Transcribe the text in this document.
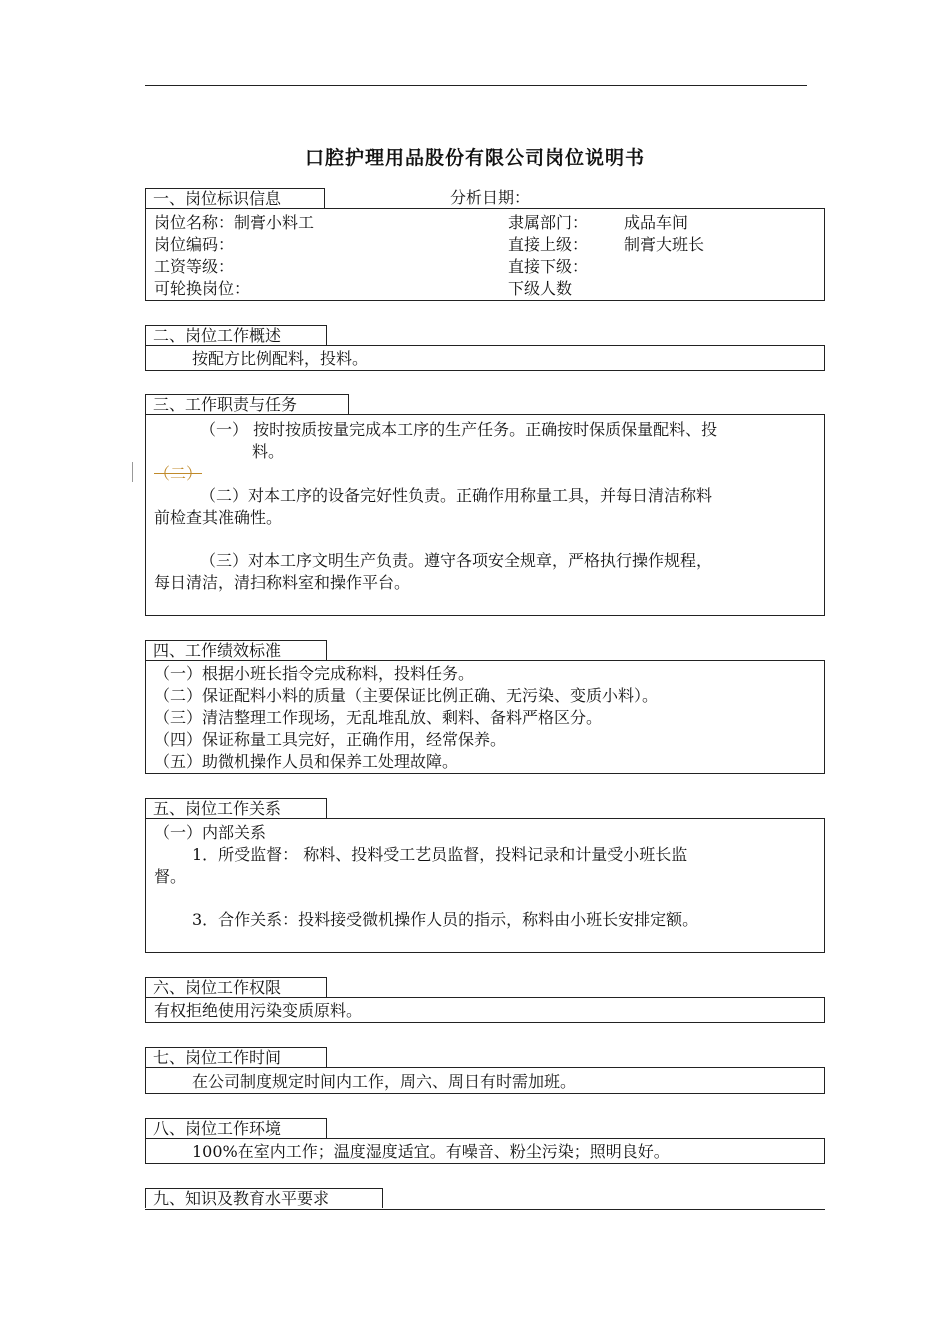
口腔护理用品股份有限公司岗位说明书
一、岗位标识信息	分析日期：
岗位名称：制膏小料工	隶属部门： 成品车间
岗位编码：	直接上级： 制膏大班长
工资等级：	直接下级：
可轮换岗位：	下级人数
二、岗位工作概述
按配方比例配料，投料。
三、工作职责与任务
（一） 按时按质按量完成本工序的生产任务。正确按时保质保量配料、投
料。
（二）
（二）对本工序的设备完好性负责。正确作用称量工具，并每日清洁称料
前检查其准确性。
（三）对本工序文明生产负责。遵守各项安全规章，严格执行操作规程，
每日清洁，清扫称料室和操作平台。
四、工作绩效标准
（一）根据小班长指令完成称料，投料任务。
（二）保证配料小料的质量（主要保证比例正确、无污染、变质小料）。
（三）清洁整理工作现场，无乱堆乱放、剩料、备料严格区分。
（四）保证称量工具完好，正确作用，经常保养。
（五）助微机操作人员和保养工处理故障。
五、岗位工作关系
（一）内部关系
1．所受监督： 称料、投料受工艺员监督，投料记录和计量受小班长监
督。
3．合作关系：投料接受微机操作人员的指示，称料由小班长安排定额。
六、岗位工作权限
有权拒绝使用污染变质原料。
七、岗位工作时间
在公司制度规定时间内工作，周六、周日有时需加班。
八、岗位工作环境
100%在室内工作；温度湿度适宜。有噪音、粉尘污染；照明良好。
九、知识及教育水平要求
